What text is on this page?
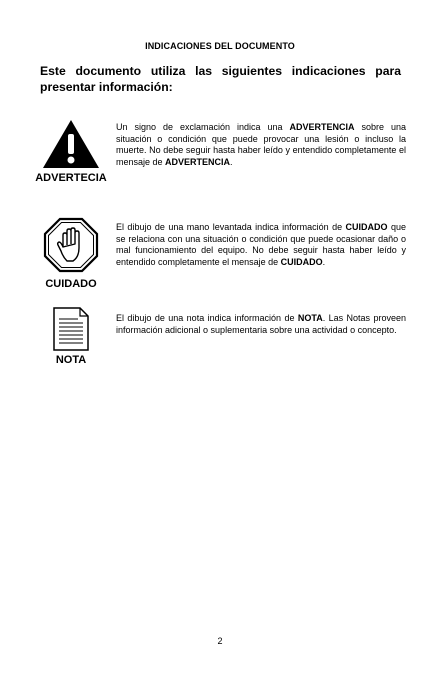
INDICACIONES DEL DOCUMENTO
Este documento utiliza las siguientes indicaciones para presentar información:
ADVERTECIA
Un signo de exclamación indica una ADVERTENCIA sobre una situación o condición que puede provocar una lesión o incluso la muerte. No debe seguir hasta haber leído y entendido completamente el mensaje de ADVERTENCIA.
CUIDADO
El dibujo de una mano levantada indica información de CUIDADO que se relaciona con una situación o condición que puede ocasionar daño o mal funcionamiento del equipo. No debe seguir hasta haber leído y entendido completamente el mensaje de CUIDADO.
NOTA
El dibujo de una nota indica información de NOTA. Las Notas proveen información adicional o suplementaria sobre una actividad o concepto.
2
